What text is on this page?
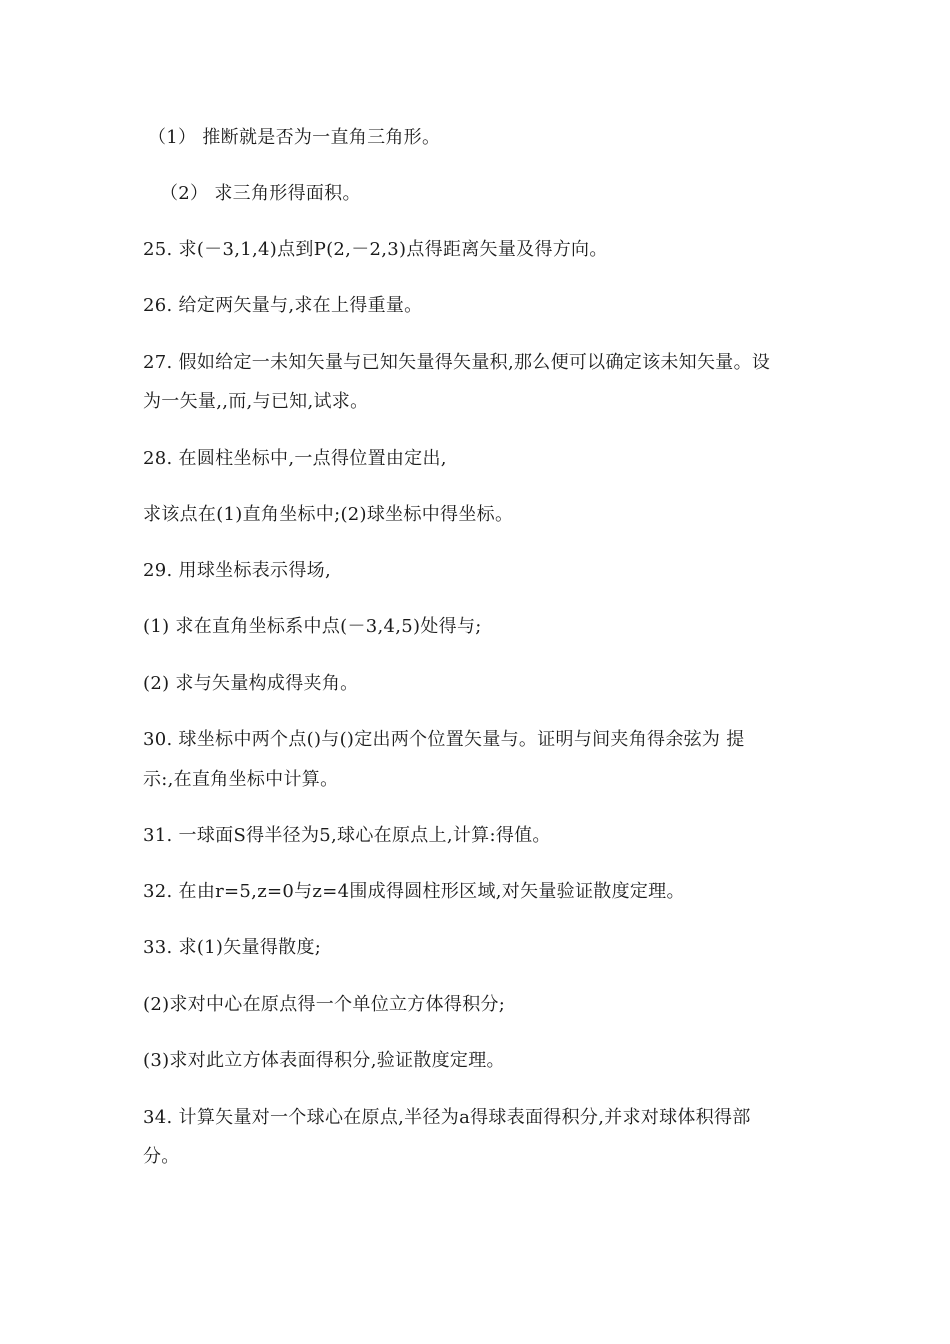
（1） 推断就是否为一直角三角形。
（2） 求三角形得面积。
25. 求(－3,1,4)点到P(2,－2,3)点得距离矢量及得方向。
26. 给定两矢量与,求在上得重量。
27. 假如给定一未知矢量与已知矢量得矢量积,那么便可以确定该未知矢量。设
为一矢量,,而,与已知,试求。
28. 在圆柱坐标中,一点得位置由定出,
求该点在(1)直角坐标中;(2)球坐标中得坐标。
29. 用球坐标表示得场,
(1) 求在直角坐标系中点(－3,4,5)处得与;
(2) 求与矢量构成得夹角。
30. 球坐标中两个点()与()定出两个位置矢量与。证明与间夹角得余弦为 提
示:,在直角坐标中计算。
31. 一球面S得半径为5,球心在原点上,计算:得值。
32. 在由r=5,z=0与z=4围成得圆柱形区域,对矢量验证散度定理。
33. 求(1)矢量得散度;
(2)求对中心在原点得一个单位立方体得积分;
(3)求对此立方体表面得积分,验证散度定理。
34. 计算矢量对一个球心在原点,半径为a得球表面得积分,并求对球体积得部
分。
